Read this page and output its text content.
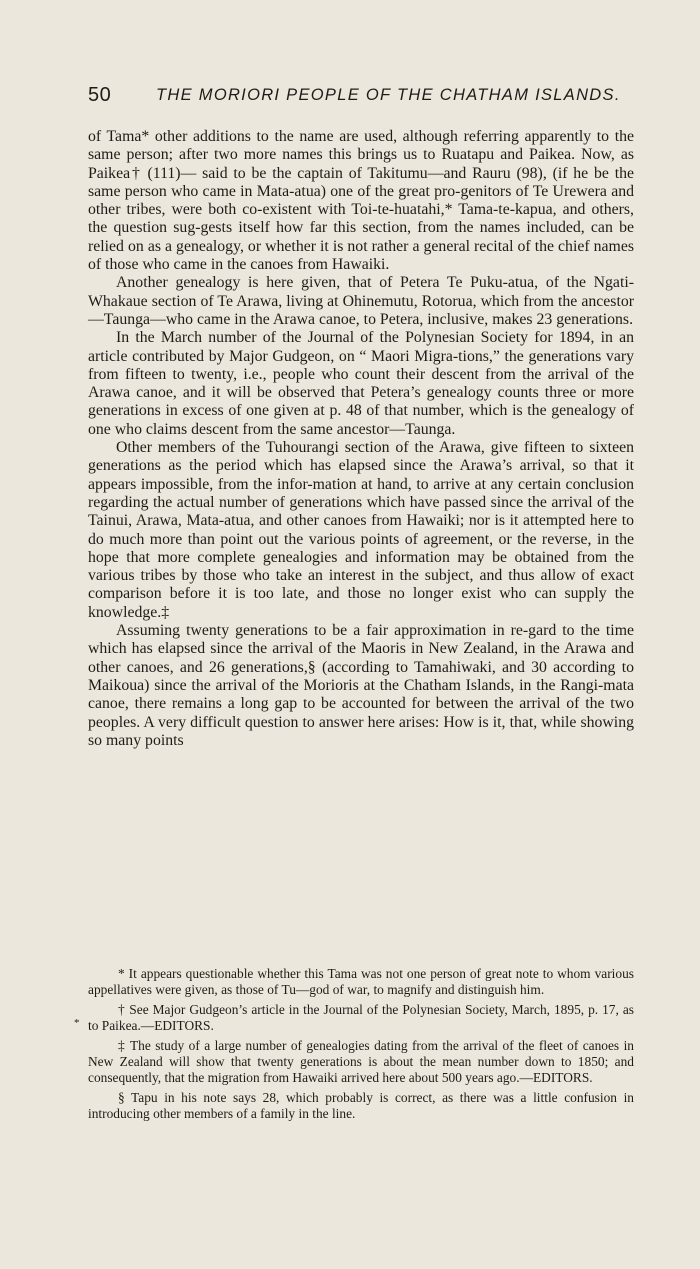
50	THE MORIORI PEOPLE OF THE CHATHAM ISLANDS.

of Tama* other additions to the name are used, although referring apparently to the same person; after two more names this brings us to Ruatapu and Paikea. Now, as Paikea† (111)— said to be the captain of Takitumu—and Rauru (98), (if he be the same person who came in Mata-atua) one of the great pro-genitors of Te Urewera and other tribes, were both co-existent with Toi-te-huatahi,* Tama-te-kapua, and others, the question sug-gests itself how far this section, from the names included, can be relied on as a genealogy, or whether it is not rather a general recital of the chief names of those who came in the canoes from Hawaiki.

Another genealogy is here given, that of Petera Te Puku-atua, of the Ngati-Whakaue section of Te Arawa, living at Ohinemutu, Rotorua, which from the ancestor—Taunga—who came in the Arawa canoe, to Petera, inclusive, makes 23 generations.

In the March number of the Journal of the Polynesian Society for 1894, in an article contributed by Major Gudgeon, on “ Maori Migra-tions,” the generations vary from fifteen to twenty, i.e., people who count their descent from the arrival of the Arawa canoe, and it will be observed that Petera’s genealogy counts three or more generations in excess of one given at p. 48 of that number, which is the genealogy of one who claims descent from the same ancestor—Taunga.

Other members of the Tuhourangi section of the Arawa, give fifteen to sixteen generations as the period which has elapsed since the Arawa’s arrival, so that it appears impossible, from the infor-mation at hand, to arrive at any certain conclusion regarding the actual number of generations which have passed since the arrival of the Tainui, Arawa, Mata-atua, and other canoes from Hawaiki; nor is it attempted here to do much more than point out the various points of agreement, or the reverse, in the hope that more complete genealogies and information may be obtained from the various tribes by those who take an interest in the subject, and thus allow of exact comparison before it is too late, and those no longer exist who can supply the knowledge.‡

Assuming twenty generations to be a fair approximation in re-gard to the time which has elapsed since the arrival of the Maoris in New Zealand, in the Arawa and other canoes, and 26 generations,§ (according to Tamahiwaki, and 30 according to Maikoua) since the arrival of the Morioris at the Chatham Islands, in the Rangi-mata canoe, there remains a long gap to be accounted for between the arrival of the two peoples. A very difficult question to answer here arises: How is it, that, while showing so many points

*

* It appears questionable whether this Tama was not one person of great note to whom various appellatives were given, as those of Tu—god of war, to magnify and distinguish him.

† See Major Gudgeon’s article in the Journal of the Polynesian Society, March, 1895, p. 17, as to Paikea.—EDITORS.

‡ The study of a large number of genealogies dating from the arrival of the fleet of canoes in New Zealand will show that twenty generations is about the mean number down to 1850; and consequently, that the migration from Hawaiki arrived here about 500 years ago.—EDITORS.

§ Tapu in his note says 28, which probably is correct, as there was a little confusion in introducing other members of a family in the line.
